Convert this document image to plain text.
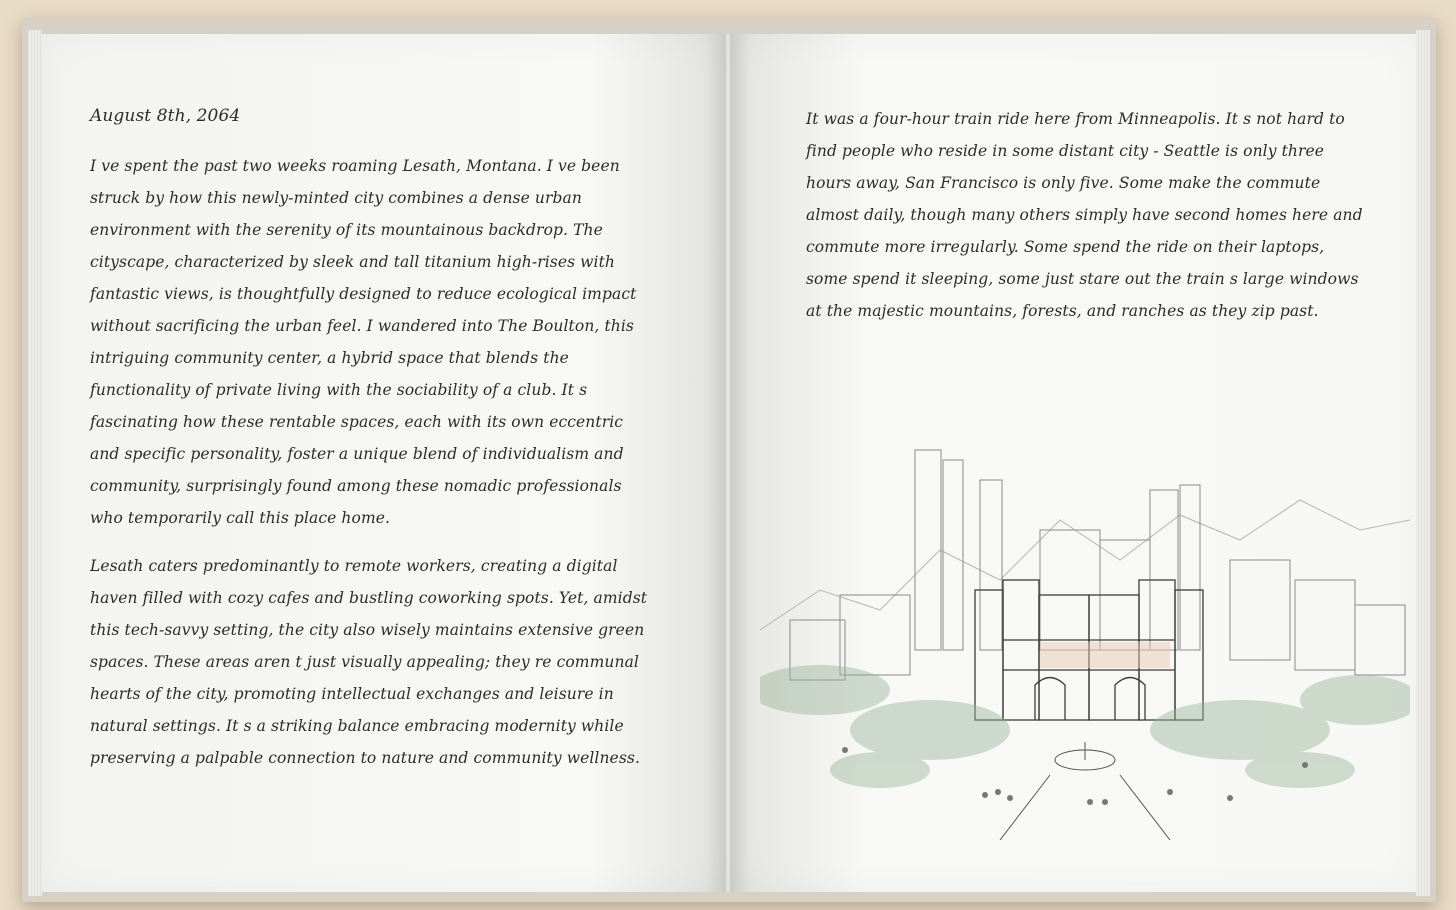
August 8th, 2064

I ve spent the past two weeks roaming Lesath, Montana. I ve been struck by how this newly-minted city combines a dense urban environment with the serenity of its mountainous backdrop. The cityscape, characterized by sleek and tall titanium high-rises with fantastic views, is thoughtfully designed to reduce ecological impact without sacrificing the urban feel. I wandered into The Boulton, this intriguing community center, a hybrid space that blends the functionality of private living with the sociability of a club. It s fascinating how these rentable spaces, each with its own eccentric and specific personality, foster a unique blend of individualism and community, surprisingly found among these nomadic professionals who temporarily call this place home.

Lesath caters predominantly to remote workers, creating a digital haven filled with cozy cafes and bustling coworking spots. Yet, amidst this tech-savvy setting, the city also wisely maintains extensive green spaces. These areas aren t just visually appealing; they re communal hearts of the city, promoting intellectual exchanges and leisure in natural settings. It s a striking balance embracing modernity while preserving a palpable connection to nature and community wellness.

It was a four-hour train ride here from Minneapolis. It s not hard to find people who reside in some distant city - Seattle is only three hours away, San Francisco is only five. Some make the commute almost daily, though many others simply have second homes here and commute more irregularly. Some spend the ride on their laptops, some spend it sleeping, some just stare out the train s large windows at the majestic mountains, forests, and ranches as they zip past.
